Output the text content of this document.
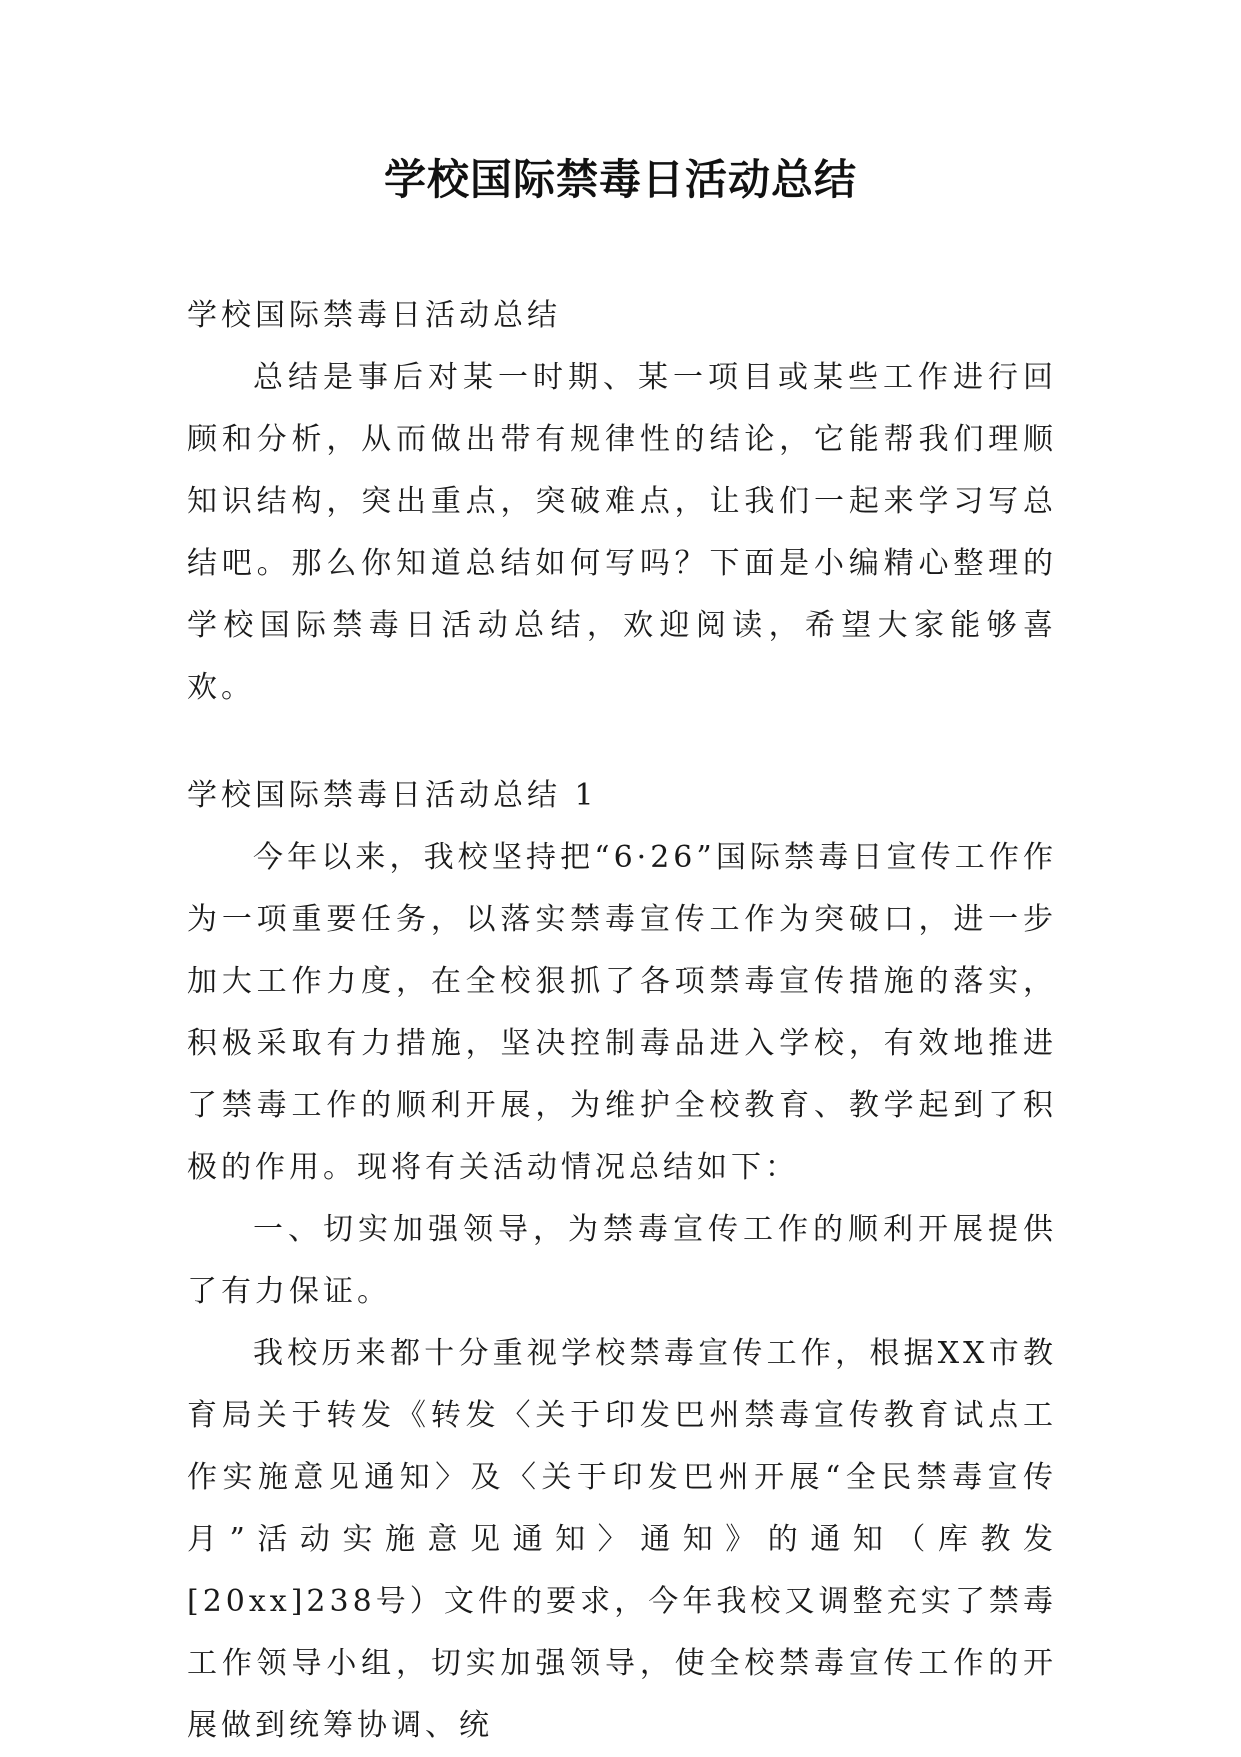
学校国际禁毒日活动总结

学校国际禁毒日活动总结

总结是事后对某一时期、某一项目或某些工作进行回顾和分析，从而做出带有规律性的结论，它能帮我们理顺知识结构，突出重点，突破难点，让我们一起来学习写总结吧。那么你知道总结如何写吗？下面是小编精心整理的学校国际禁毒日活动总结，欢迎阅读，希望大家能够喜欢。

学校国际禁毒日活动总结 1

今年以来，我校坚持把“6·26”国际禁毒日宣传工作作为一项重要任务，以落实禁毒宣传工作为突破口，进一步加大工作力度，在全校狠抓了各项禁毒宣传措施的落实，积极采取有力措施，坚决控制毒品进入学校，有效地推进了禁毒工作的顺利开展，为维护全校教育、教学起到了积极的作用。现将有关活动情况总结如下：

一、切实加强领导，为禁毒宣传工作的顺利开展提供了有力保证。

我校历来都十分重视学校禁毒宣传工作，根据XX市教育局关于转发《转发〈关于印发巴州禁毒宣传教育试点工作实施意见通知〉及〈关于印发巴州开展“全民禁毒宣传月”活动实施意见通知〉通知》的通知（库教发[20xx]238号）文件的要求，今年我校又调整充实了禁毒工作领导小组，切实加强领导，使全校禁毒宣传工作的开展做到统筹协调、统
